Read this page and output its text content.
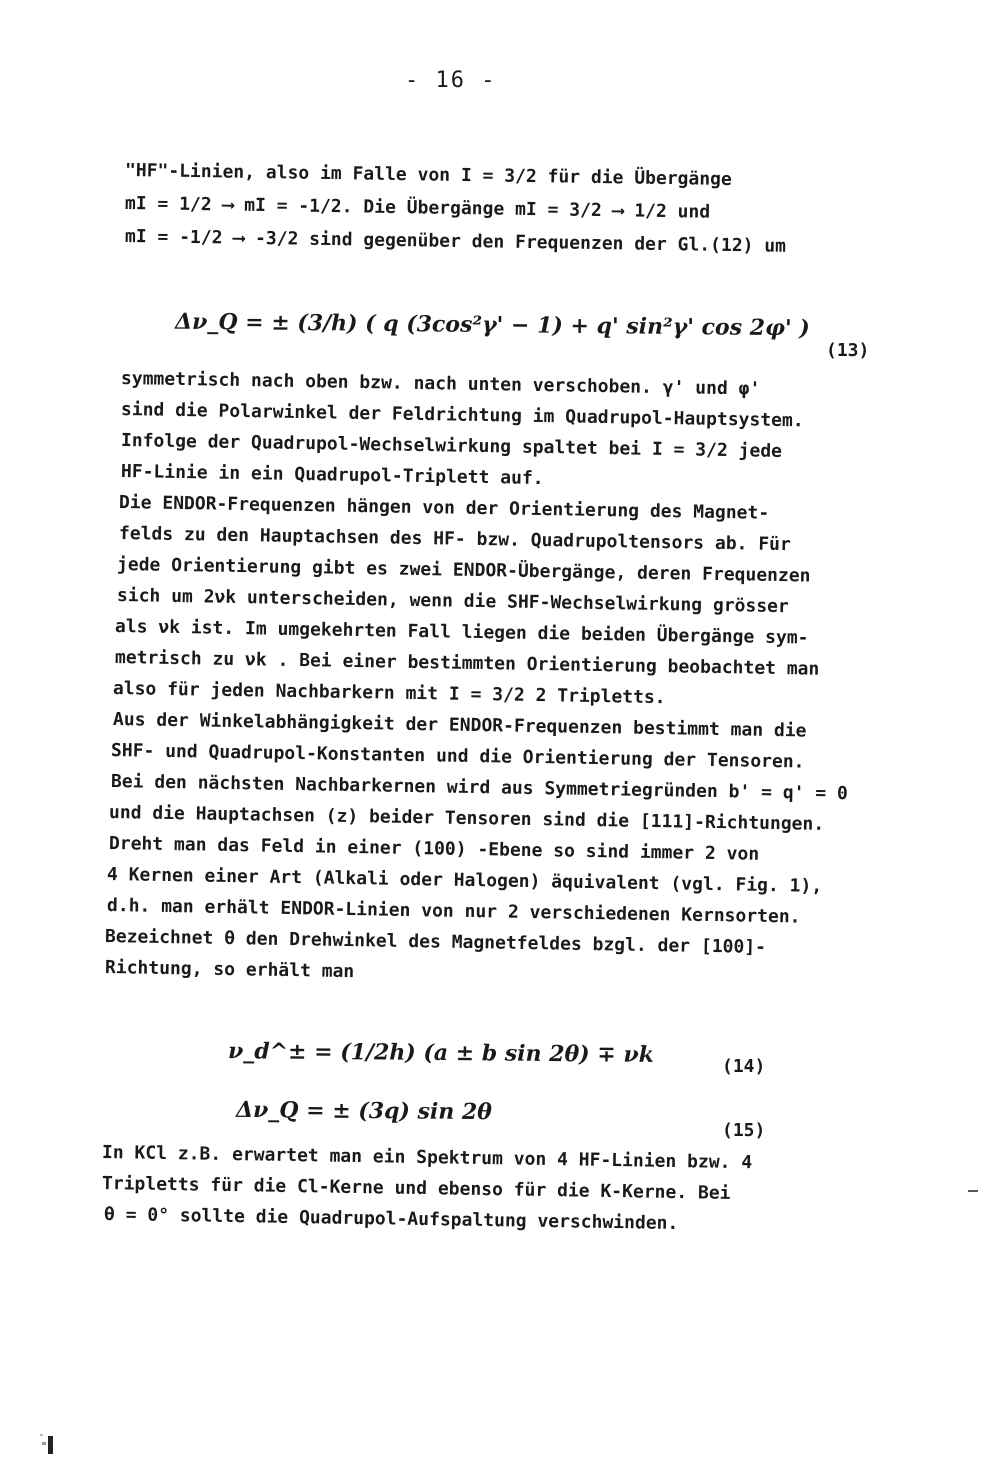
- 16 -
"HF"-Linien, also im Falle von I = 3/2 für die Übergänge
mI = 1/2 ⟶ mI = -1/2. Die Übergänge mI = 3/2 ⟶ 1/2 und
mI = -1/2 ⟶ -3/2 sind gegenüber den Frequenzen der Gl.(12) um
Δν_Q = ± (3/h) ( q (3cos²γ' − 1) + q' sin²γ' cos 2φ' )
(13)
symmetrisch nach oben bzw. nach unten verschoben. γ' und φ'
sind die Polarwinkel der Feldrichtung im Quadrupol-Hauptsystem.
Infolge der Quadrupol-Wechselwirkung spaltet bei I = 3/2 jede
HF-Linie in ein Quadrupol-Triplett auf.
Die ENDOR-Frequenzen hängen von der Orientierung des Magnet-
felds zu den Hauptachsen des HF- bzw. Quadrupoltensors ab. Für
jede Orientierung gibt es zwei ENDOR-Übergänge, deren Frequenzen
sich um 2νk unterscheiden, wenn die SHF-Wechselwirkung grösser
als νk ist. Im umgekehrten Fall liegen die beiden Übergänge sym-
metrisch zu νk . Bei einer bestimmten Orientierung beobachtet man
also für jeden Nachbarkern mit I = 3/2 2 Tripletts.
Aus der Winkelabhängigkeit der ENDOR-Frequenzen bestimmt man die
SHF- und Quadrupol-Konstanten und die Orientierung der Tensoren.
Bei den nächsten Nachbarkernen wird aus Symmetriegründen b' = q' = 0
und die Hauptachsen (z) beider Tensoren sind die [111]-Richtungen.
Dreht man das Feld in einer (100) -Ebene so sind immer 2 von
4 Kernen einer Art (Alkali oder Halogen) äquivalent (vgl. Fig. 1),
d.h. man erhält ENDOR-Linien von nur 2 verschiedenen Kernsorten.
Bezeichnet θ den Drehwinkel des Magnetfeldes bzgl. der [100]-
Richtung, so erhält man
ν_d^± = (1/2h) (a ± b sin 2θ) ∓ νk	(14)
Δν_Q = ± (3q) sin 2θ
(15)
In KCl z.B. erwartet man ein Spektrum von 4 HF-Linien bzw. 4
Tripletts für die Cl-Kerne und ebenso für die K-Kerne. Bei
θ = 0° sollte die Quadrupol-Aufspaltung verschwinden.
